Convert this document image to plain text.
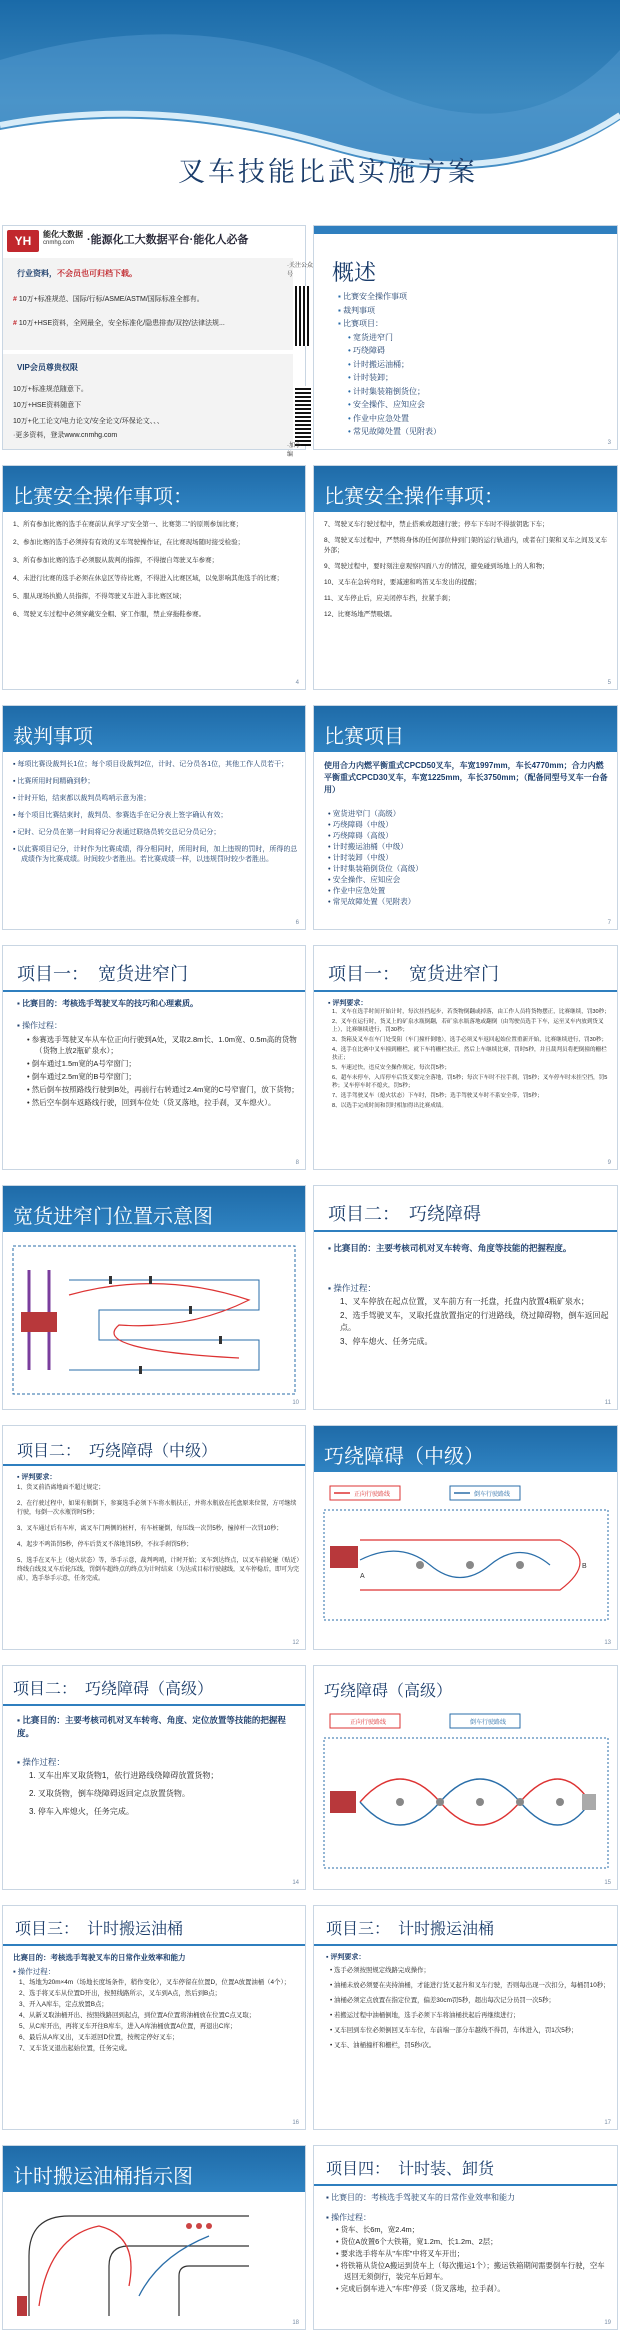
叉车技能比武实施方案
YH	能化大数据
cnmhg.com ·能源化工大数据平台·能化人必备
行业资料，不会员也可归档下载。
# 10万+标准规范、国际/行标/ASME/ASTM/国际标准全都有。
# 10万+HSE资料，全网最全，安全标准化/隐患排查/双控/法律法规...
·关注公众号
VIP会员尊贵权限
10万+标准规范随意下。
10万+HSE资料随意下
10万+化工论文/电力论文/安全论文/环保论文、、、
·更多资料，登录www.cnmhg.com
·加小编
概述
▪ 比赛安全操作事项
▪ 裁判事项
▪ 比赛项目：
• 宽货进窄门
• 巧绕障碍
• 计时搬运油桶；
• 计时装卸；
• 计时集装箱倒货位；
• 安全操作、应知应会
• 作业中应急处置
• 常见故障处置（见附表）
3
比赛安全操作事项：
1、所有参加比赛的选手在赛前认真学习"安全第一、比赛第二"的原则参加比赛；
2、参加比赛的选手必须持有有效的叉车驾驶操作证，在比赛现场随时接受检验；
3、所有参加比赛的选手必须服从裁判的指挥，不得擅自驾驶叉车参赛；
4、未进行比赛的选手必须在休息区等待比赛，不得进入比赛区域，以免影响其他选手的比赛；
5、服从现场执勤人员指挥，不得驾驶叉车进入非比赛区域；
6、驾驶叉车过程中必须穿戴安全帽、穿工作服，禁止穿拖鞋参赛。
4
比赛安全操作事项：
7、驾驶叉车行驶过程中，禁止搭乘或超速行驶；停车下车时不得拔钥匙下车；
8、驾驶叉车过程中，严禁将身体的任何部位伸到门架的运行轨道内，或者在门架和叉车之间及叉车外部；
9、驾驶过程中，要时刻注意观察四面八方的情况，避免碰到场地上的人和物；
10、叉车在急转弯时，要减速和鸣笛叉车发出的提醒；
11、叉车停止后，应关闭停车挡，拉紧手刹；
12、比赛场地严禁吸烟。
5
裁判事项
▪ 每项比赛设裁判长1位；每个项目设裁判2位，计时、记分员各1位，其他工作人员若干；
▪ 比赛所用时间精确到秒；
▪ 计时开始，结束都以裁判员鸣哨示意为准；
▪ 每个项目比赛结束时，裁判员、参赛选手在记分表上签字确认有效；
▪ 记时、记分员在第一时间将记分表通过联络员转交总记分员记分；
▪ 以此赛项目记分，计时作为比赛成绩，得分相同时，所用时间，加上违规的罚时，所得的总成绩作为比赛成绩。时间较少者胜出。若比赛成绩一样，以违规罚时较少者胜出。
6
比赛项目
使用合力内燃平衡重式CPCD50叉车，车宽1997mm，车长4770mm；合力内燃平衡重式CPCD30叉车，车宽1225mm，车长3750mm；（配备同型号叉车一台备用）
• 宽货进窄门（高级）
• 巧绕障碍（中级）
• 巧绕障碍（高级）
• 计时搬运油桶（中级）
• 计时装卸（中级）
• 计时集装箱倒货位（高级）
• 安全操作、应知应会
• 作业中应急处置
• 常见故障处置（见附表）
7
项目一：　宽货进窄门
▪ 比赛目的：考核选手驾驶叉车的技巧和心理素质。
▪ 操作过程：
• 参赛选手驾驶叉车从车位正向行驶到A处，叉取2.8m长、1.0m宽、0.5m高的货物（货物上放2瓶矿泉水）；
• 倒车通过1.5m宽的A号窄窗门；
• 倒车通过2.5m宽的B号窄窗门；
• 然后倒车按照路线行驶到B处，再前行右转通过2.4m宽的C号窄窗门，放下货物；
• 然后空车倒车返路线行驶，回到车位处（货叉落地，拉手刹，叉车熄火）。
8
项目一：　宽货进窄门
▪ 评判要求：
1、叉车在选手时间开始计时，每次挂挡起步，若货物倒翻或掉落，由工作人员将货物摆正，比赛继续，罚30秒；
2、叉车在运行时，货叉上的矿泉水瓶倒翻，若矿泉水瓶落地或翻倒（由驾驶员选手下车，运至叉车内放到货叉上），比赛继续进行，罚30秒；
3、货箱及叉车在车门处受阻（车门撞杆倒地），选手必须叉车返回起始位置重新开始，比赛继续进行，罚30秒；
4、选手在比赛中叉车撞到栅栏，就下车将栅栏扶正，然后上车继续比赛，罚时5秒，并且裁判员将把倒撞的栅栏扶正；
5、车速过快，违反安全操作规定，每次罚5秒；
6、超车未停车，入库停车后货叉要完全落地，罚5秒；每次下车时不拉手刹，罚5秒；叉车停车时未挂空挡，罚5秒；叉车停车时不熄火，罚5秒；
7、选手驾驶叉车（熄火状态）下车时，罚5秒；选手驾驶叉车时不系安全带，罚5秒；
8、以选手完成时间和罚时相加得出比赛成绩。
9
宽货进窄门位置示意图
10
项目二：　巧绕障碍
▪ 比赛目的：主要考核司机对叉车转弯、角度等技能的把握程度。
▪ 操作过程：
1、叉车停放在起点位置，叉车前方有一托盘，托盘内放置4瓶矿泉水；
2、选手驾驶叉车，叉取托盘放置指定的行进路线，绕过障碍物，倒车返回起点。
3、停车熄火、任务完成。
11
项目二：　巧绕障碍（中级）
▪ 评判要求：
1、货叉前沿离地面不超过规定；
2、在行驶过程中，如果有瓶倒下，参赛选手必须下车将水瓶扶正，并将水瓶放在托盘原来位置，方可继续行驶，每倒一次水瓶罚时5秒；
3、叉车通过后有车库，离叉车门两侧的桩杆，有车桩碰倒，每压线一次罚5秒，撞掉杆一次罚10秒；
4、起步不鸣笛罚5秒，停车后货叉不落地罚5秒，不拉手刹罚5秒；
5、选手在叉车上（熄火状态）等，举手示意，裁判鸣哨，计时开始；叉车到达终点，以叉车前轮碰（贴近）终线白线及叉车后轮压线，罚倒车超终点的终点为计时结束（为达成目标行驶越线，叉车停稳后，即可为完成），选手举手示意，任务完成。
12
巧绕障碍（中级）
正向行驶路线	倒车行驶路线
A
B
13
项目二：　巧绕障碍（高级）
▪ 比赛目的：主要考核司机对叉车转弯、角度、定位放置等技能的把握程度。
▪ 操作过程：
1. 叉车出库叉取货物1，依行进路线绕障碍放置货物；
2. 叉取货物，倒车绕障碍返回定点放置货物。
3. 停车入库熄火，任务完成。
14
巧绕障碍（高级）
正向行驶路线	倒车行驶路线
15
项目三：　计时搬运油桶
比赛目的：考核选手驾驶叉车的日常作业效率和能力
▪ 操作过程：
1、场地为20m×4m（场地长度场条件，稍作变化），叉车停留在位置D，位置A放置油桶（4个）；
2、选手将叉车从位置D开出，按照线路所示，叉车到A点，然后到B点；
3、开入A库车，定点放置B点；
4、从新叉取油桶开出、按照线路回到起点，到位置A位置将油桶放在位置C点叉取；
5、从C库开出，再将叉车开往B库车，进入A库油桶放置A位置，再退出C库；
6、最后从A库叉出，叉车返回D位置，按规定停好叉车；
7、叉车货叉退出起始位置，任务完成。
16
项目三：　计时搬运油桶
▪ 评判要求：
• 选手必须按照规定线路完成操作；
• 油桶未放必须要在夹持油桶，才能进行货叉起升和叉车行驶，否则每出现一次扣分，每桶罚10秒；
• 油桶必须定点放置在指定位置，偏差30cm罚5秒，超出每次记分员罚一次5秒；
• 若搬运过程中油桶倒地，选手必须下车将油桶扶起后再继续进行；
• 叉车回到车位必须倒回叉车车位，车前端一部分车越线不得罚，车体进入，罚1次5秒；
• 叉车、油桶撞杆和栅栏，罚5秒/次。
17
计时搬运油桶指示图
18
项目四：　计时装、卸货
▪ 比赛目的：考核选手驾驶叉车的日常作业效率和能力
▪ 操作过程：
• 货车、长6m，宽2.4m；
• 货位A放置6个大铁箱，宽1.2m、长1.2m、2层；
• 要求选手将车从"车库"中将叉车开出；
• 将铁箱从货位A搬运到货车上（每次搬运1个）；搬运铁箱期间需要倒车行驶，空车返回无须倒行，装完车后卸车。
• 完成后倒车进入"车库"停妥（货叉落地，拉手刹）。
19
